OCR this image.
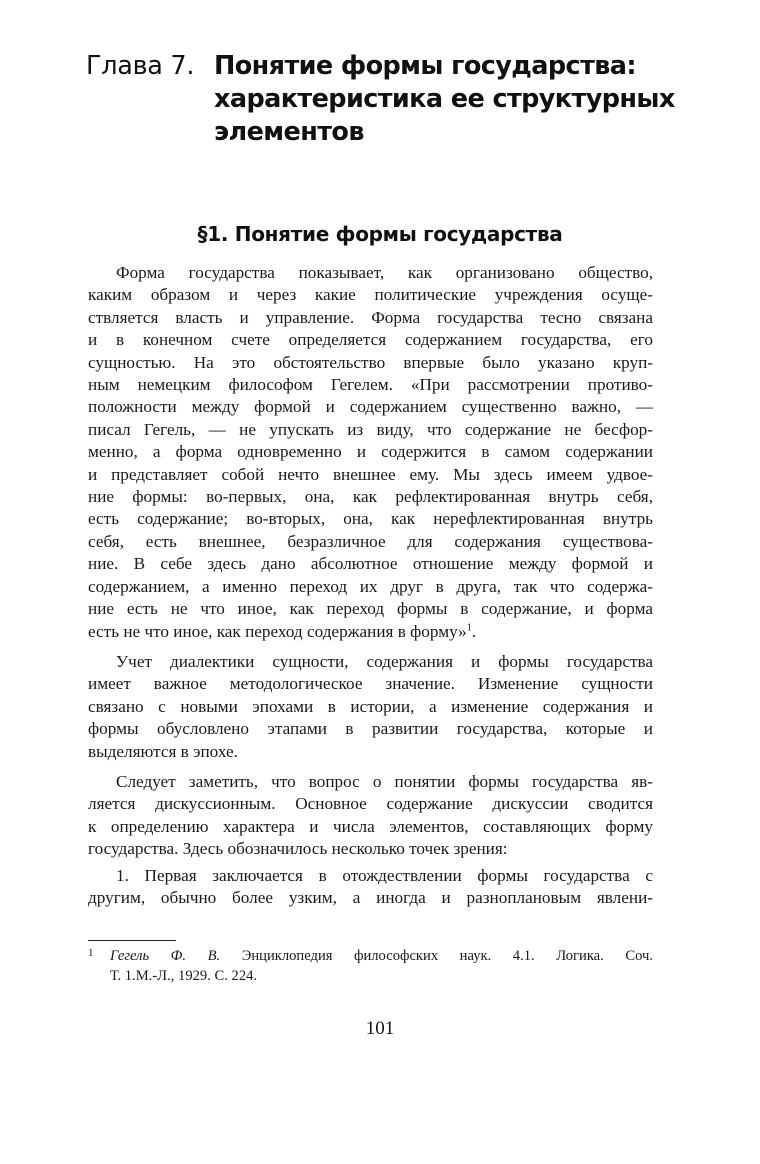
Глава 7. Понятие формы государства:
характеристика ее структурных
элементов
§1. Понятие формы государства

Форма государства показывает, как организовано общество,
каким образом и через какие политические учреждения осуще-
ствляется власть и управление. Форма государства тесно связана
и в конечном счете определяется содержанием государства, его
сущностью. На это обстоятельство впервые было указано круп-
ным немецким философом Гегелем. «При рассмотрении противо-
положности между формой и содержанием существенно важно, —
писал Гегель, — не упускать из виду, что содержание не бесфор-
менно, а форма одновременно и содержится в самом содержании
и представляет собой нечто внешнее ему. Мы здесь имеем удвое-
ние формы: во-первых, она, как рефлектированная внутрь себя,
есть содержание; во-вторых, она, как нерефлектированная внутрь
себя, есть внешнее, безразличное для содержания существова-
ние. В себе здесь дано абсолютное отношение между формой и
содержанием, а именно переход их друг в друга, так что содержа-
ние есть не что иное, как переход формы в содержание, и форма
есть не что иное, как переход содержания в форму»$^1$.

Учет диалектики сущности, содержания и формы государства
имеет важное методологическое значение. Изменение сущности
связано с новыми эпохами в истории, а изменение содержания и
формы обусловлено этапами в развитии государства, которые и
выделяются в эпохе.

Следует заметить, что вопрос о понятии формы государства яв-
ляется дискуссионным. Основное содержание дискуссии сводится
к определению характера и числа элементов, составляющих форму
государства. Здесь обозначилось несколько точек зрения:

1. Первая заключается в отождествлении формы государства с
другим, обычно более узким, а иногда и разноплановым явлени-

1	Гегель Ф. В. Энциклопедия философских наук. 4.1. Логика. Соч.
Т. 1.М.-Л., 1929. С. 224.
101
